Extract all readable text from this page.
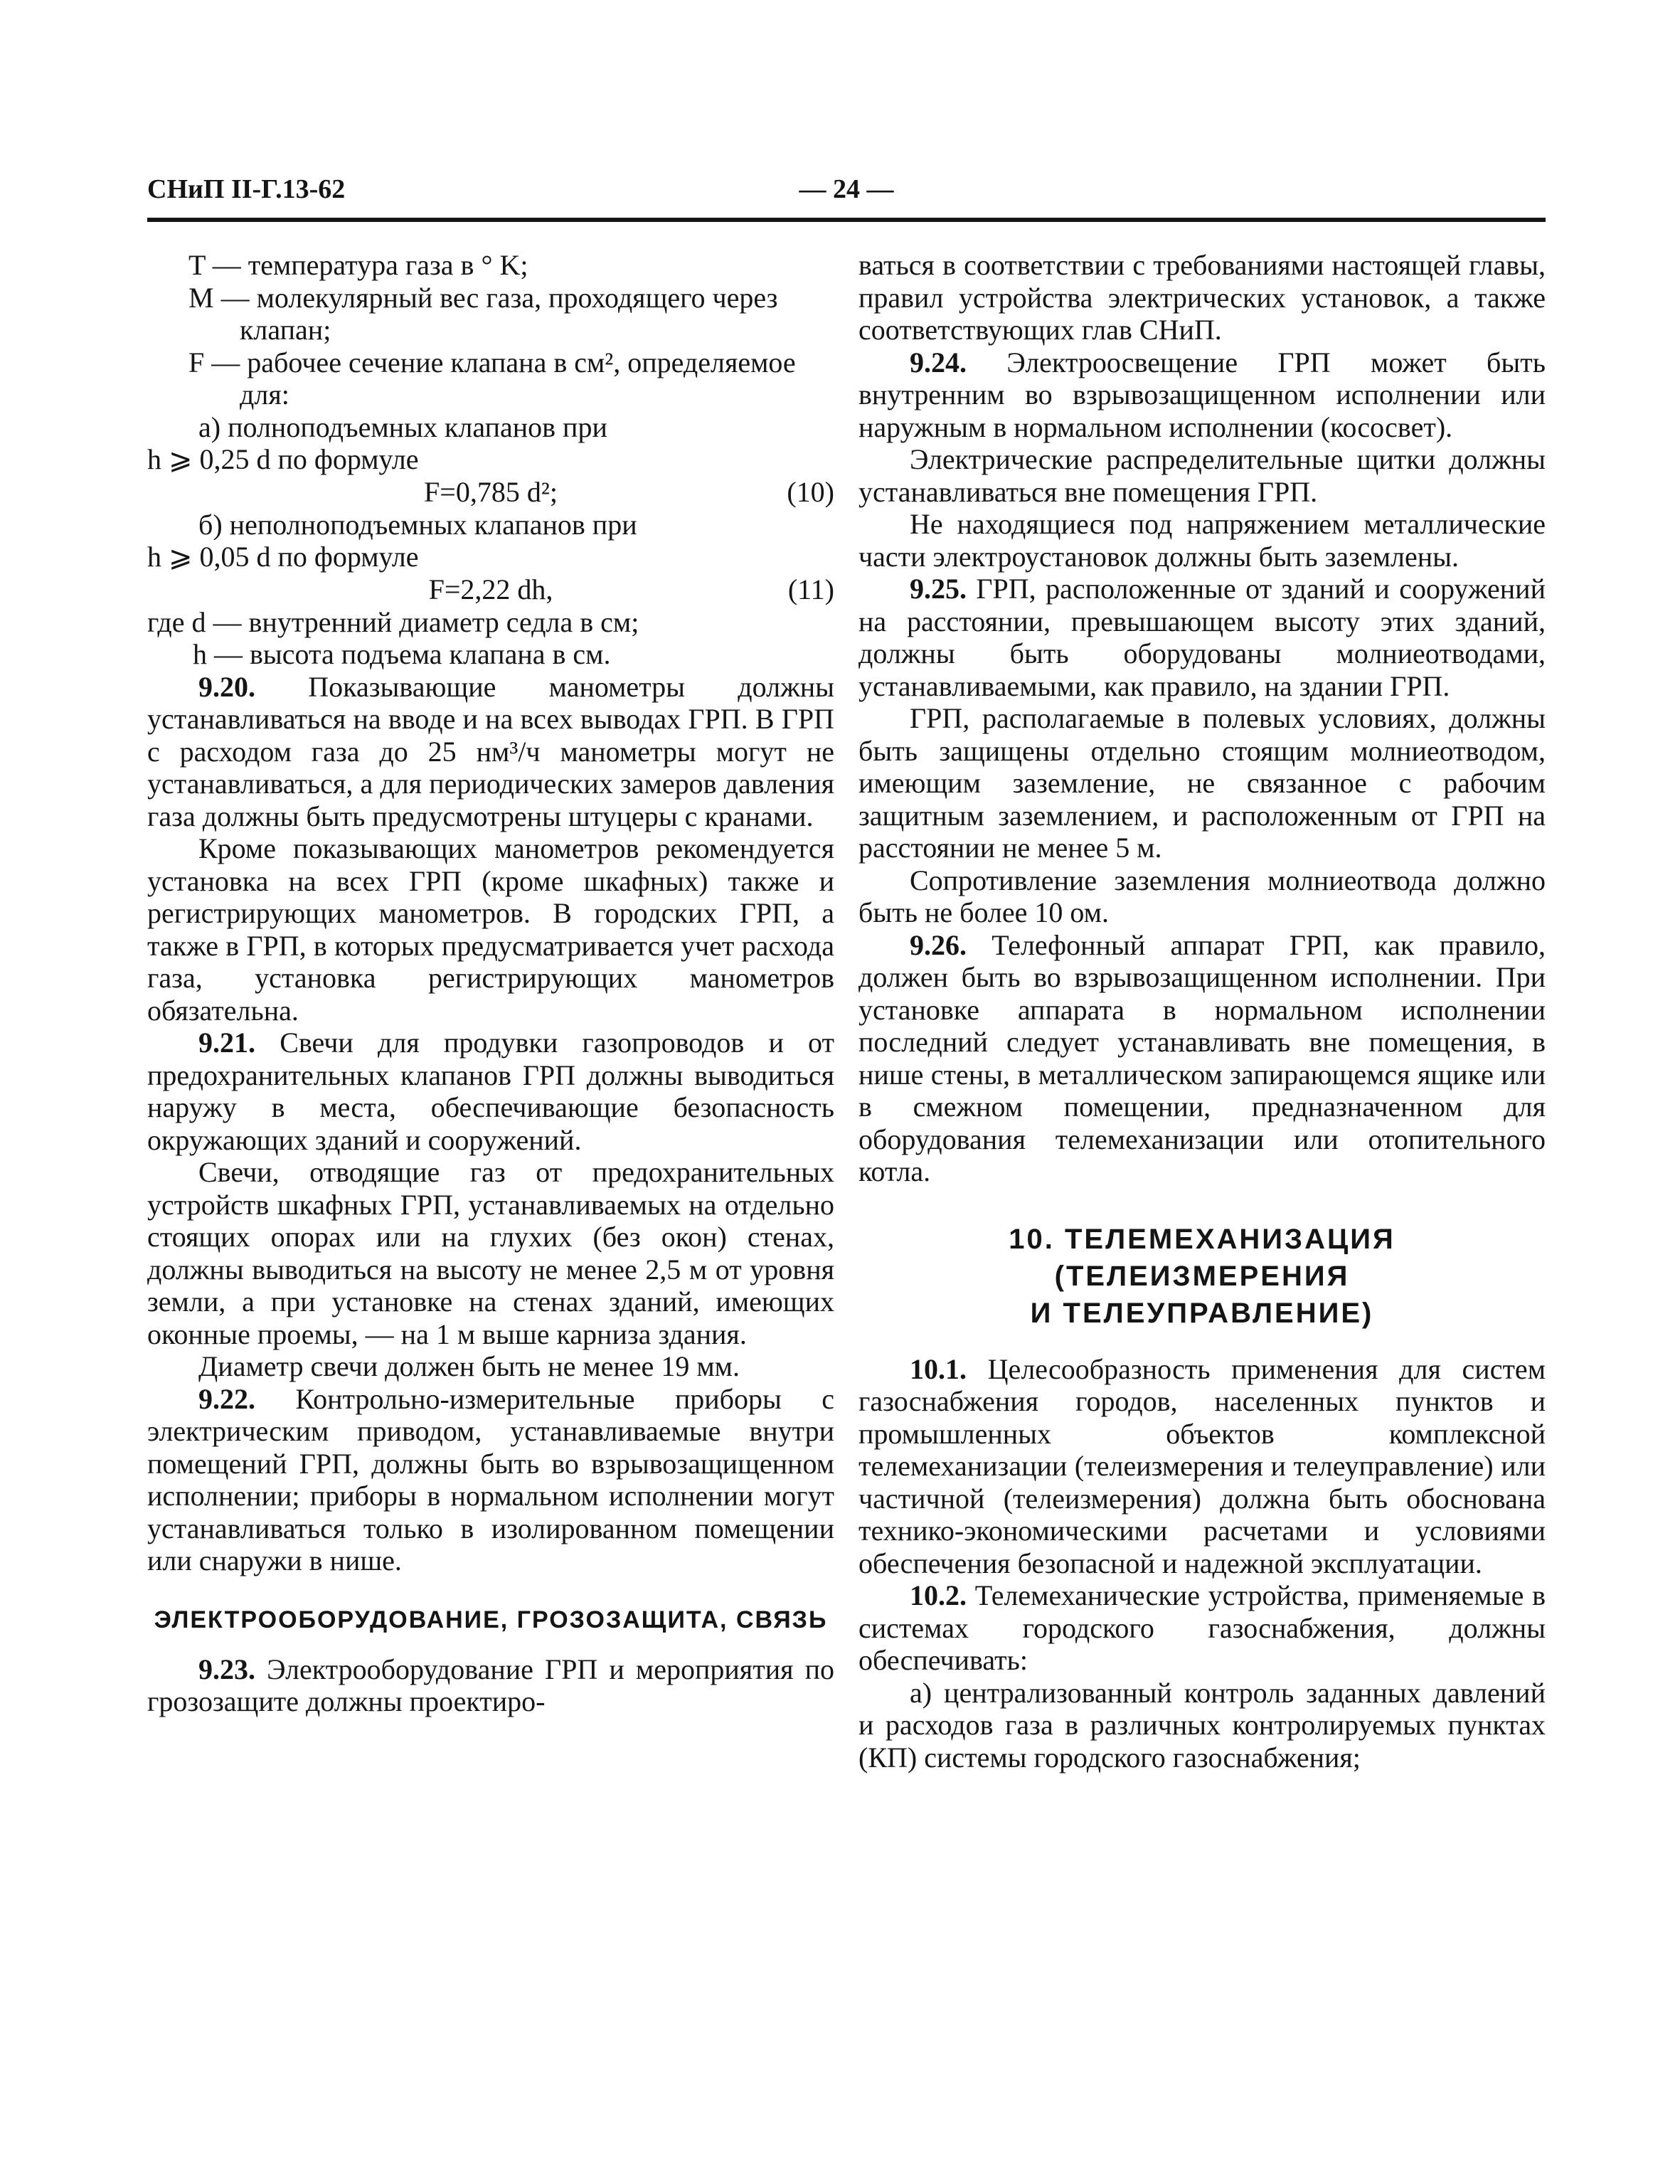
СНиП II-Г.13-62	— 24 —

T — температура газа в ° K;

M — молекулярный вес газа, проходящего через клапан;

F — рабочее сечение клапана в см², определяемое для:

а) полноподъемных клапанов при

h ⩾ 0,25 d по формуле

F=0,785 d²;	(10)

б) неполноподъемных клапанов при

h ⩾ 0,05 d по формуле

F=2,22 dh,	(11)

где d — внутренний диаметр седла в см;

h — высота подъема клапана в см.

9.20. Показывающие манометры должны устанавливаться на вводе и на всех выводах ГРП. В ГРП с расходом газа до 25 нм³/ч манометры могут не устанавливаться, а для периодических замеров давления газа должны быть предусмотрены штуцеры с кранами.

Кроме показывающих манометров рекомендуется установка на всех ГРП (кроме шкафных) также и регистрирующих манометров. В городских ГРП, а также в ГРП, в которых предусматривается учет расхода газа, установка регистрирующих манометров обязательна.

9.21. Свечи для продувки газопроводов и от предохранительных клапанов ГРП должны выводиться наружу в места, обеспечивающие безопасность окружающих зданий и сооружений.

Свечи, отводящие газ от предохранительных устройств шкафных ГРП, устанавливаемых на отдельно стоящих опорах или на глухих (без окон) стенах, должны выводиться на высоту не менее 2,5 м от уровня земли, а при установке на стенах зданий, имеющих оконные проемы, — на 1 м выше карниза здания.

Диаметр свечи должен быть не менее 19 мм.

9.22. Контрольно-измерительные приборы с электрическим приводом, устанавливаемые внутри помещений ГРП, должны быть во взрывозащищенном исполнении; приборы в нормальном исполнении могут устанавливаться только в изолированном помещении или снаружи в нише.

ЭЛЕКТРООБОРУДОВАНИЕ, ГРОЗОЗАЩИТА, СВЯЗЬ

9.23. Электрооборудование ГРП и мероприятия по грозозащите должны проектиро-

ваться в соответствии с требованиями настоящей главы, правил устройства электрических установок, а также соответствующих глав СНиП.

9.24. Электроосвещение ГРП может быть внутренним во взрывозащищенном исполнении или наружным в нормальном исполнении (кососвет).

Электрические распределительные щитки должны устанавливаться вне помещения ГРП.

Не находящиеся под напряжением металлические части электроустановок должны быть заземлены.

9.25. ГРП, расположенные от зданий и сооружений на расстоянии, превышающем высоту этих зданий, должны быть оборудованы молниеотводами, устанавливаемыми, как правило, на здании ГРП.

ГРП, располагаемые в полевых условиях, должны быть защищены отдельно стоящим молниеотводом, имеющим заземление, не связанное с рабочим защитным заземлением, и расположенным от ГРП на расстоянии не менее 5 м.

Сопротивление заземления молниеотвода должно быть не более 10 ом.

9.26. Телефонный аппарат ГРП, как правило, должен быть во взрывозащищенном исполнении. При установке аппарата в нормальном исполнении последний следует устанавливать вне помещения, в нише стены, в металлическом запирающемся ящике или в смежном помещении, предназначенном для оборудования телемеханизации или отопительного котла.

10. ТЕЛЕМЕХАНИЗАЦИЯ
(ТЕЛЕИЗМЕРЕНИЯ
И ТЕЛЕУПРАВЛЕНИЕ)

10.1. Целесообразность применения для систем газоснабжения городов, населенных пунктов и промышленных объектов комплексной телемеханизации (телеизмерения и телеуправление) или частичной (телеизмерения) должна быть обоснована технико-экономическими расчетами и условиями обеспечения безопасной и надежной эксплуатации.

10.2. Телемеханические устройства, применяемые в системах городского газоснабжения, должны обеспечивать:

а) централизованный контроль заданных давлений и расходов газа в различных контролируемых пунктах (КП) системы городского газоснабжения;
